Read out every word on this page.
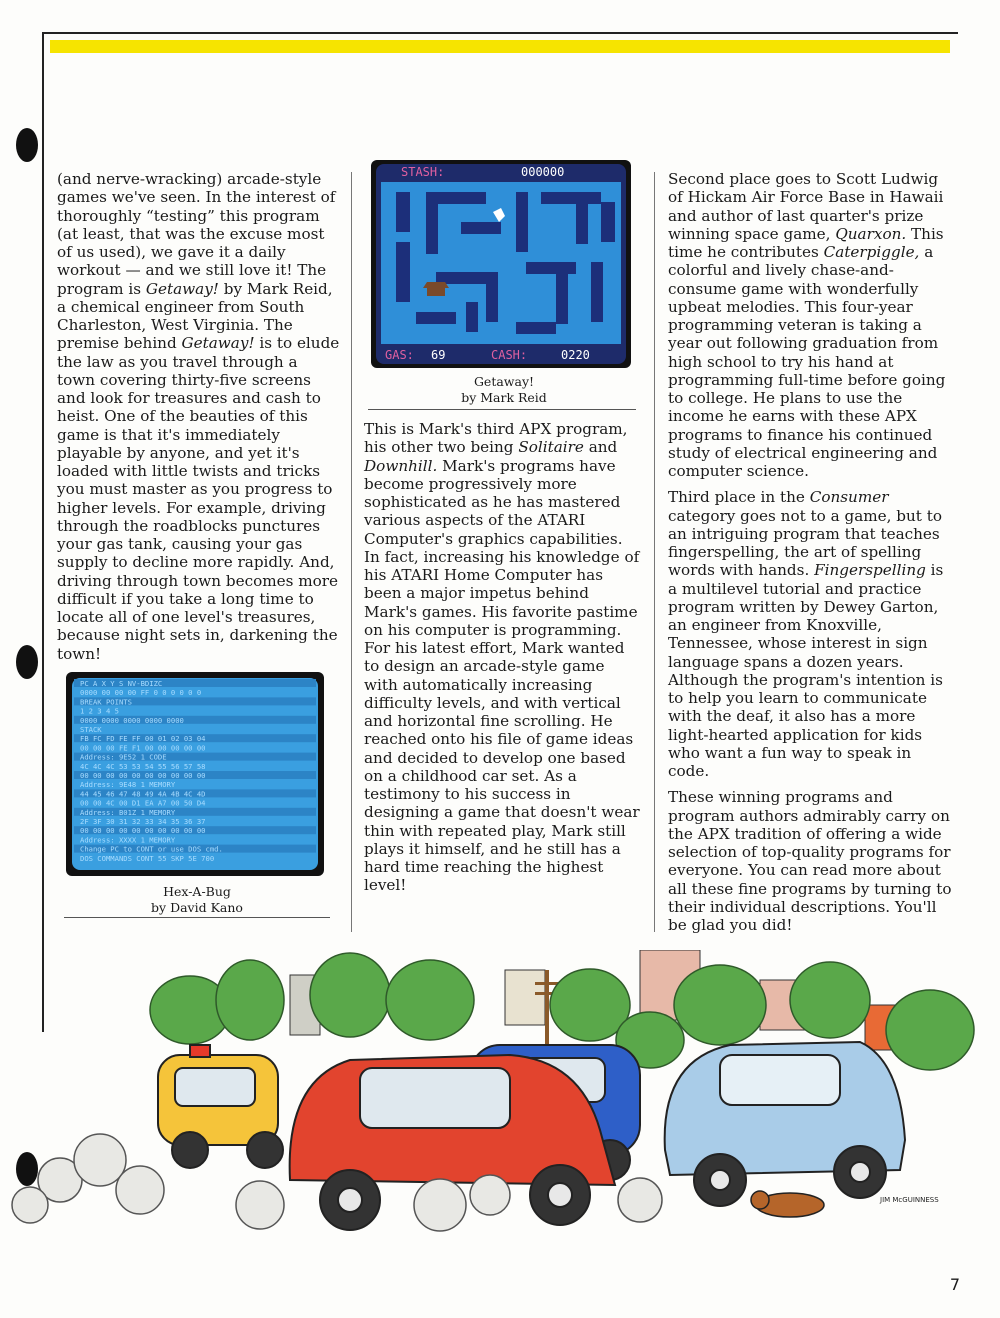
(and nerve-wracking) arcade-style games we've seen. In the interest of thoroughly “testing” this program (at least, that was the excuse most of us used), we gave it a daily workout — and we still love it! The program is Getaway! by Mark Reid, a chemical engineer from South Charleston, West Virginia. The premise behind Getaway! is to elude the law as you travel through a town covering thirty-five screens and look for treasures and cash to heist. One of the beauties of this game is that it's immediately playable by anyone, and yet it's loaded with little twists and tricks you must master as you progress to higher levels. For example, driving through the roadblocks punctures your gas tank, causing your gas supply to decline more rapidly. And, driving through town becomes more difficult if you take a long time to locate all of one level's treasures, because night sets in, darkening the town!

PC A X Y S NV-BDIZC
0000 00 00 00 FF 0 0 0 0 0 0
BREAK POINTS
1 2 3 4 5
0000 0000 0000 0000 0000
STACK
FB FC FD FE FF 00 01 02 03 04
00 00 00 FE F1 00 00 00 00 00
Address: 9E52 1 CODE
4C 4C 4C 53 53 54 55 56 57 58
00 00 00 00 00 00 00 00 00 00
Address: 9E48 1 MEMORY
44 45 46 47 48 49 4A 4B 4C 4D
00 00 4C 00 D1 EA A7 00 50 D4
Address: B01Z 1 MEMORY
2F 3F 30 31 32 33 34 35 36 37
00 00 00 00 00 00 00 00 00 00
Address: XXXX 1 MEMORY
Change PC to CONT or use DOS cmd.
DOS COMMANDS CONT 55 SKP 5E 700
Hex-A-Bug
by David Kano
STASH:	000000
GAS: 69	CASH:	0220
Getaway!
by Mark Reid

This is Mark's third APX program, his other two being Solitaire and Downhill. Mark's programs have become progressively more sophisticated as he has mastered various aspects of the ATARI Computer's graphics capabilities. In fact, increasing his knowledge of his ATARI Home Computer has been a major impetus behind Mark's games. His favorite pastime on his computer is programming. For his latest effort, Mark wanted to design an arcade-style game with automatically increasing difficulty levels, and with vertical and horizontal fine scrolling. He reached onto his file of game ideas and decided to develop one based on a childhood car set. As a testimony to his success in designing a game that doesn't wear thin with repeated play, Mark still plays it himself, and he still has a hard time reaching the highest level!

Second place goes to Scott Ludwig of Hickam Air Force Base in Hawaii and author of last quarter's prize winning space game, Quarxon. This time he contributes Caterpiggle, a colorful and lively chase-and-consume game with wonderfully upbeat melodies. This four-year programming veteran is taking a year out following graduation from high school to try his hand at programming full-time before going to college. He plans to use the income he earns with these APX programs to finance his continued study of electrical engineering and computer science.

Third place in the Consumer category goes not to a game, but to an intriguing program that teaches fingerspelling, the art of spelling words with hands. Fingerspelling is a multilevel tutorial and practice program written by Dewey Garton, an engineer from Knoxville, Tennessee, whose interest in sign language spans a dozen years. Although the program's intention is to help you learn to communicate with the deaf, it also has a more light-hearted application for kids who want a fun way to speak in code.

These winning programs and program authors admirably carry on the APX tradition of offering a wide selection of top-quality programs for everyone. You can read more about all these fine programs by turning to their individual descriptions. You'll be glad you did!

JIM McGUINNESS
7
